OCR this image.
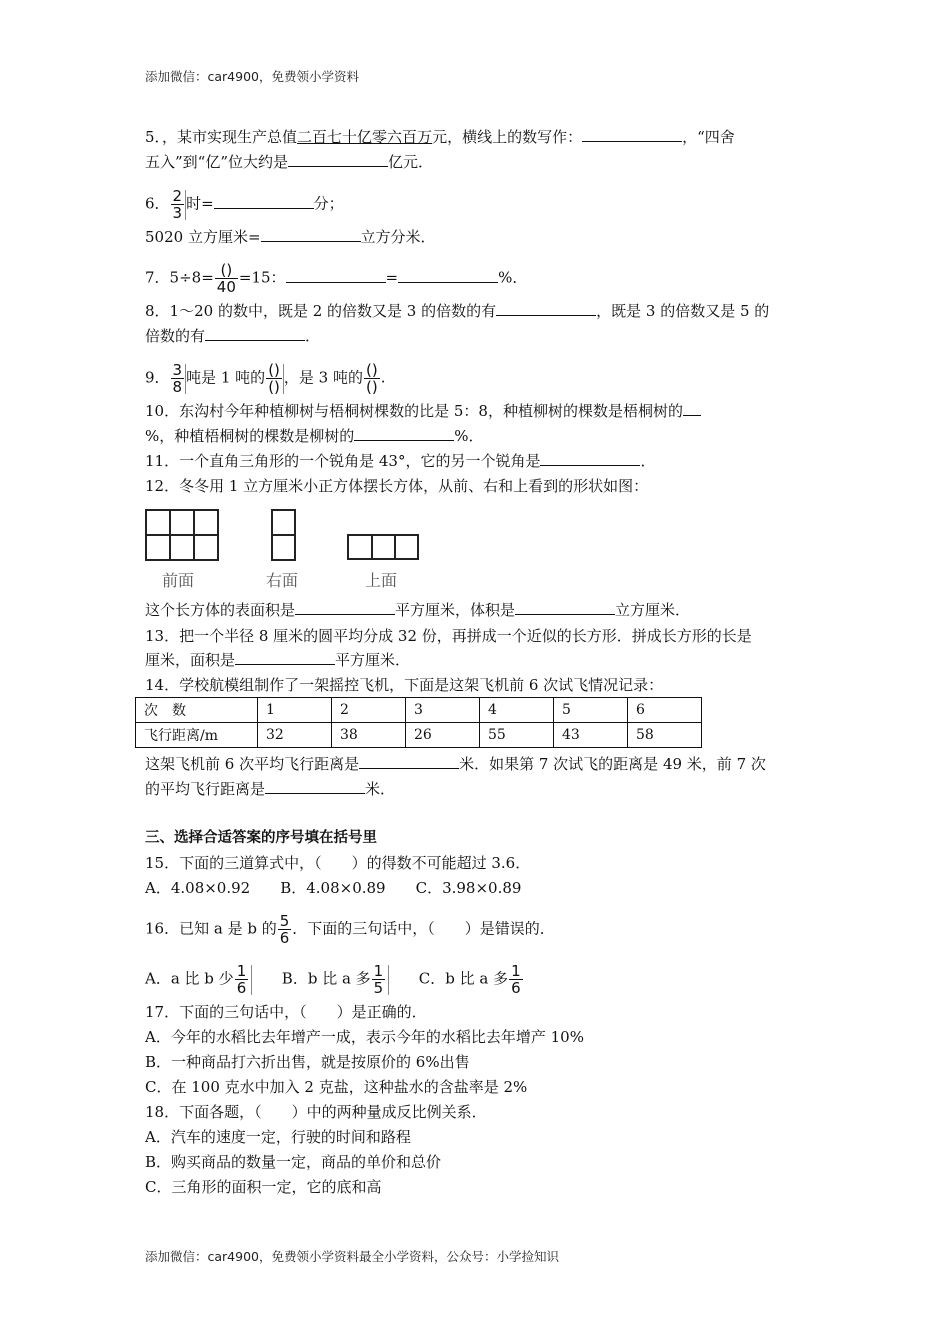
添加微信：car4900，免费领小学资料
5．，某市实现生产总值二百七十亿零六百万元，横线上的数写作：	，“四舍
五入”到“亿”位大约是	亿元．
6． $\frac{2}{3}$ 时=	分；
5020 立方厘米=	立方分米．
7．$5\div 8= \frac{()}{40} =15$：	=	%．
8．1～20 的数中，既是 2 的倍数又是 3 的倍数的有	，既是 3 的倍数又是 5 的
倍数的有	．
9． $\frac{3}{8}$ 吨是 1 吨的 $\frac{()}{()}$ ，是 3 吨的 $\frac{()}{()}$ .
10．东沟村今年种植柳树与梧桐树棵数的比是 5：8，种植柳树的棵数是梧桐树的
%，种植梧桐树的棵数是柳树的	%．
11．一个直角三角形的一个锐角是 43°，它的另一个锐角是	．
12．冬冬用 1 立方厘米小正方体摆长方体，从前、右和上看到的形状如图：
前面	右面	上面
这个长方体的表面积是	平方厘米，体积是	立方厘米．
13．把一个半径 8 厘米的圆平均分成 32 份，再拼成一个近似的长方形．拼成长方形的长是
厘米，面积是	平方厘米．
14．学校航模组制作了一架摇控飞机，下面是这架飞机前 6 次试飞情况记录：
次　数	1	2	3	4	5	6
飞行距离/m	32	38	26	55	43	58
这架飞机前 6 次平均飞行距离是	米．如果第 7 次试飞的距离是 49 米，前 7 次
的平均飞行距离是	米．
三、选择合适答案的序号填在括号里
15．下面的三道算式中，（　　）的得数不可能超过 3.6．
A．4.08×0.92　　B．4.08×0.89　　C．3.98×0.89
16．已知 a 是 b 的 $\frac{5}{6}$ ．下面的三句话中，（　　）是错误的．
A．a 比 b 少 $\frac{1}{6}$ B．b 比 a 多 $\frac{1}{5}$ C．b 比 a 多 $\frac{1}{6}$
17．下面的三句话中，（　　）是正确的．
A．今年的水稻比去年增产一成，表示今年的水稻比去年增产 10%
B．一种商品打六折出售，就是按原价的 6%出售
C．在 100 克水中加入 2 克盐，这种盐水的含盐率是 2%
18．下面各题，（　　）中的两种量成反比例关系．
A．汽车的速度一定，行驶的时间和路程
B．购买商品的数量一定，商品的单价和总价
C．三角形的面积一定，它的底和高
添加微信：car4900，免费领小学资料最全小学资料，公众号：小学捡知识
